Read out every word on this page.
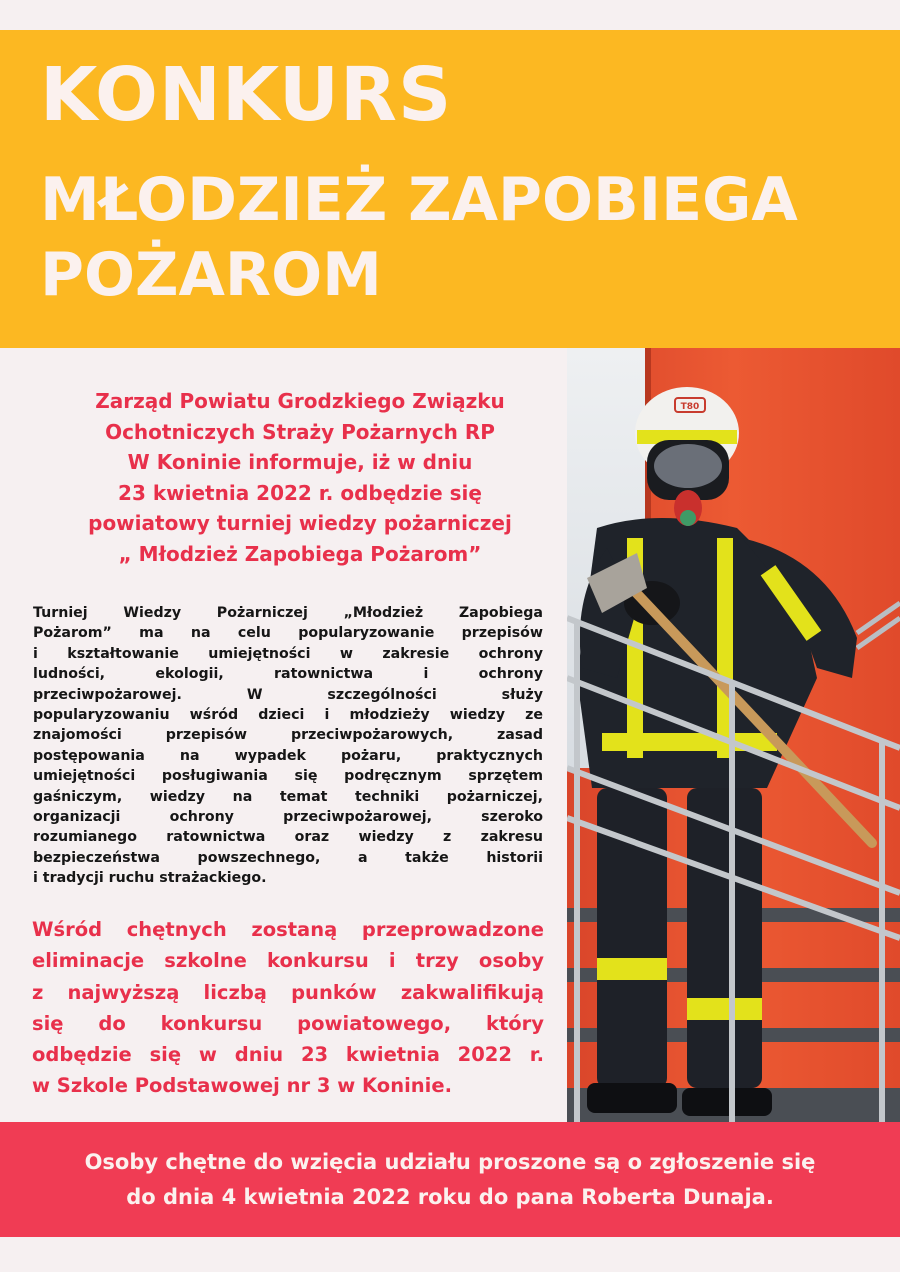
KONKURS
MŁODZIEŻ ZAPOBIEGA
POŻAROM
Zarząd Powiatu Grodzkiego Związku
Ochotniczych Straży Pożarnych RP
W Koninie informuje, iż w dniu
23 kwietnia 2022 r. odbędzie się
powiatowy turniej wiedzy pożarniczej
„ Młodzież Zapobiega Pożarom”
Turniej Wiedzy Pożarniczej „Młodzież Zapobiega
Pożarom” ma na celu popularyzowanie przepisów
i kształtowanie umiejętności w zakresie ochrony
ludności, ekologii, ratownictwa i ochrony
przeciwpożarowej. W szczególności służy
popularyzowaniu wśród dzieci i młodzieży wiedzy ze
znajomości przepisów przeciwpożarowych, zasad
postępowania na wypadek pożaru, praktycznych
umiejętności posługiwania się podręcznym sprzętem
gaśniczym, wiedzy na temat techniki pożarniczej,
organizacji ochrony przeciwpożarowej, szeroko
rozumianego ratownictwa oraz wiedzy z zakresu
bezpieczeństwa powszechnego, a także historii
i tradycji ruchu strażackiego.
Wśród chętnych zostaną przeprowadzone
eliminacje szkolne konkursu i trzy osoby
z najwyższą liczbą punków zakwalifikują
się do konkursu powiatowego, który
odbędzie się w dniu 23 kwietnia 2022 r.
w Szkole Podstawowej nr 3 w Koninie.
T80
Osoby chętne do wzięcia udziału proszone są o zgłoszenie się
do dnia 4 kwietnia 2022 roku do pana Roberta Dunaja.
